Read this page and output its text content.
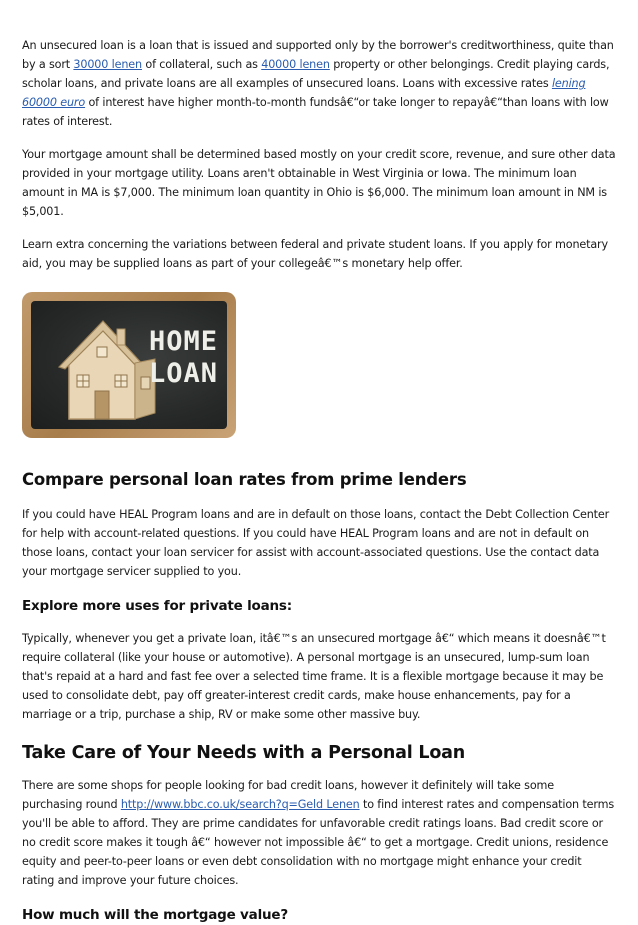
An unsecured loan is a loan that is issued and supported only by the borrower's creditworthiness, quite than by a sort 30000 lenen of collateral, such as 40000 lenen property or other belongings. Credit playing cards, scholar loans, and private loans are all examples of unsecured loans. Loans with excessive rates lening 60000 euro of interest have higher month-to-month fundsâ€“or take longer to repayâ€“than loans with low rates of interest.

Your mortgage amount shall be determined based mostly on your credit score, revenue, and sure other data provided in your mortgage utility. Loans aren't obtainable in West Virginia or Iowa. The minimum loan amount in MA is $7,000. The minimum loan quantity in Ohio is $6,000. The minimum loan amount in NM is $5,001.

Learn extra concerning the variations between federal and private student loans. If you apply for monetary aid, you may be supplied loans as part of your collegeâ€™s monetary help offer.

HOME
LOAN
Compare personal loan rates from prime lenders

If you could have HEAL Program loans and are in default on those loans, contact the Debt Collection Center for help with account-related questions. If you could have HEAL Program loans and are not in default on those loans, contact your loan servicer for assist with account-associated questions. Use the contact data your mortgage servicer supplied to you.

Explore more uses for private loans:

Typically, whenever you get a private loan, itâ€™s an unsecured mortgage â€“ which means it doesnâ€™t require collateral (like your house or automotive). A personal mortgage is an unsecured, lump-sum loan that's repaid at a hard and fast fee over a selected time frame. It is a flexible mortgage because it may be used to consolidate debt, pay off greater-interest credit cards, make house enhancements, pay for a marriage or a trip, purchase a ship, RV or make some other massive buy.

Take Care of Your Needs with a Personal Loan

There are some shops for people looking for bad credit loans, however it definitely will take some purchasing round http://www.bbc.co.uk/search?q=Geld Lenen to find interest rates and compensation terms you'll be able to afford. They are prime candidates for unfavorable credit ratings loans. Bad credit score or no credit score makes it tough â€“ however not impossible â€“ to get a mortgage. Credit unions, residence equity and peer-to-peer loans or even debt consolidation with no mortgage might enhance your credit rating and improve your future choices.

How much will the mortgage value?
